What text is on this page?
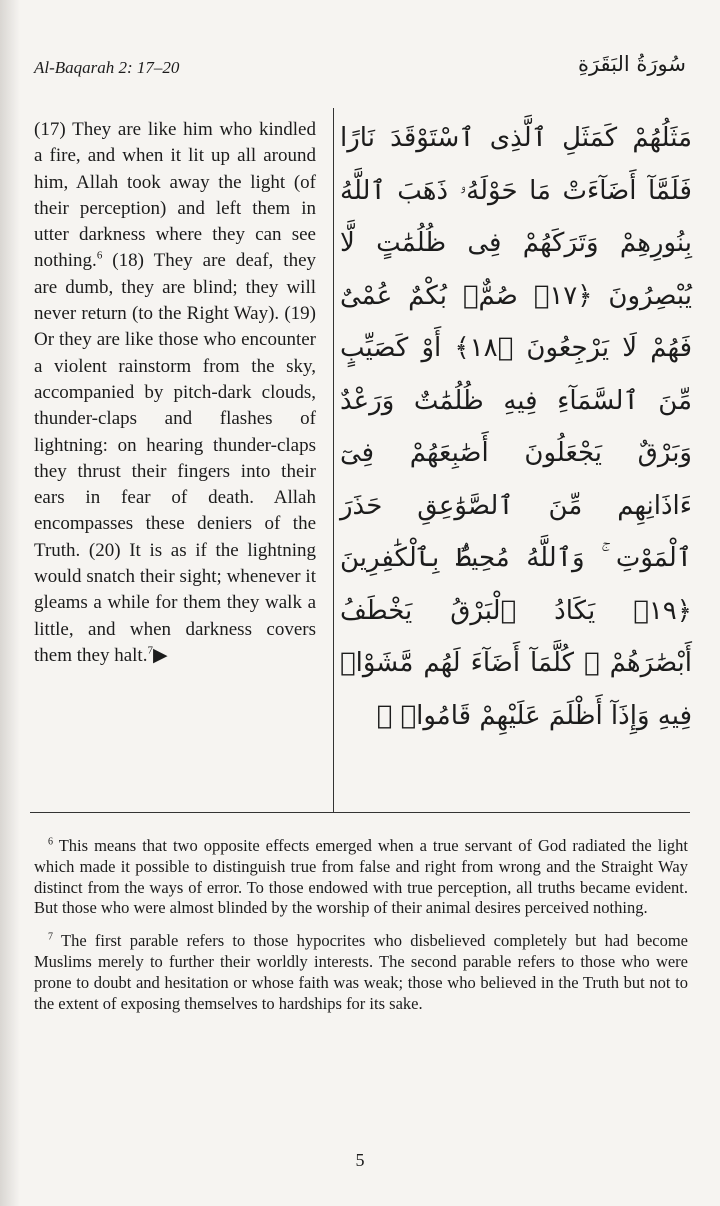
Al-Baqarah 2: 17–20	سُورَةُ البَقَرَةِ
(17) They are like him who kindled a fire, and when it lit up all around him, Allah took away the light (of their perception) and left them in utter darkness where they can see nothing.$^6$ (18) They are deaf, they are dumb, they are blind; they will never return (to the Right Way). (19) Or they are like those who encounter a violent rainstorm from the sky, accompanied by pitch-dark clouds, thunder-claps and flashes of lightning: on hearing thunder-claps they thrust their fingers into their ears in fear of death. Allah encompasses these deniers of the Truth. (20) It is as if the lightning would snatch their sight; whenever it gleams a while for them they walk a little, and when darkness covers them they halt.$^7$▶
مَثَلُهُمْ كَمَثَلِ ٱلَّذِى ٱسْتَوْقَدَ نَارًا فَلَمَّآ أَضَآءَتْ مَا حَوْلَهُۥ ذَهَبَ ٱللَّهُ بِنُورِهِمْ وَتَرَكَهُمْ فِى ظُلُمَٰتٍ لَّا يُبْصِرُونَ ﴿١٧﴾ صُمٌّۢ بُكْمٌ عُمْىٌ فَهُمْ لَا يَرْجِعُونَ ﴿١٨﴾ أَوْ كَصَيِّبٍ مِّنَ ٱلسَّمَآءِ فِيهِ ظُلُمَٰتٌ وَرَعْدٌ وَبَرْقٌ يَجْعَلُونَ أَصَٰبِعَهُمْ فِىٓ ءَاذَانِهِم مِّنَ ٱلصَّوَٰعِقِ حَذَرَ ٱلْمَوْتِ ۚ وَٱللَّهُ مُحِيطٌۢ بِٱلْكَٰفِرِينَ ﴿١٩﴾ يَكَادُ ٱلْبَرْقُ يَخْطَفُ أَبْصَٰرَهُمْ ۖ كُلَّمَآ أَضَآءَ لَهُم مَّشَوْا۟ فِيهِ وَإِذَآ أَظْلَمَ عَلَيْهِمْ قَامُوا۟ ۚ

$^6$ This means that two opposite effects emerged when a true servant of God radiated the light which made it possible to distinguish true from false and right from wrong and the Straight Way distinct from the ways of error. To those endowed with true perception, all truths became evident. But those who were almost blinded by the worship of their animal desires perceived nothing.

$^7$ The first parable refers to those hypocrites who disbelieved completely but had become Muslims merely to further their worldly interests. The second parable refers to those who were prone to doubt and hesitation or whose faith was weak; those who believed in the Truth but not to the extent of exposing themselves to hardships for its sake.

5
